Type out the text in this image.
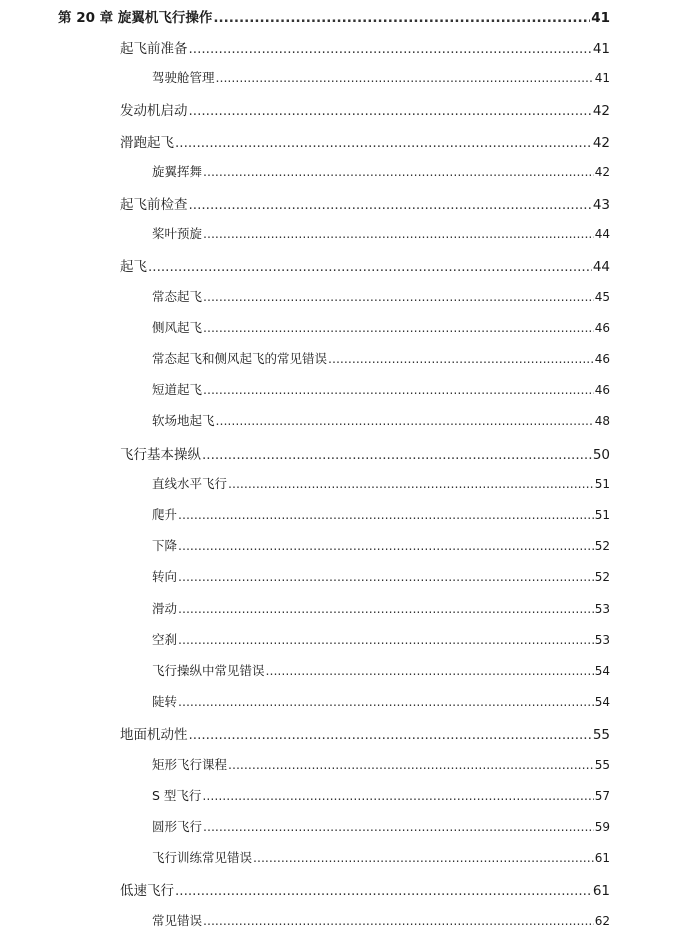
第 20 章 旋翼机飞行操作 .....	41
起飞前准备 .....	41
驾驶舱管理 .....	41
发动机启动 .....	42
滑跑起飞 .....	42
旋翼挥舞 .....	42
起飞前检查 .....	43
桨叶预旋 .....	44
起飞 .....	44
常态起飞 .....	45
侧风起飞 .....	46
常态起飞和侧风起飞的常见错误 .....	46
短道起飞 .....	46
软场地起飞 .....	48
飞行基本操纵 .....	50
直线水平飞行 .....	51
爬升 .....	51
下降 .....	52
转向 .....	52
滑动 .....	53
空刹 .....	53
飞行操纵中常见错误 .....	54
陡转 .....	54
地面机动性 .....	55
矩形飞行课程 .....	55
S 型飞行 .....	57
圆形飞行 .....	59
飞行训练常见错误 .....	61
低速飞行 .....	61
常见错误 .....	62
